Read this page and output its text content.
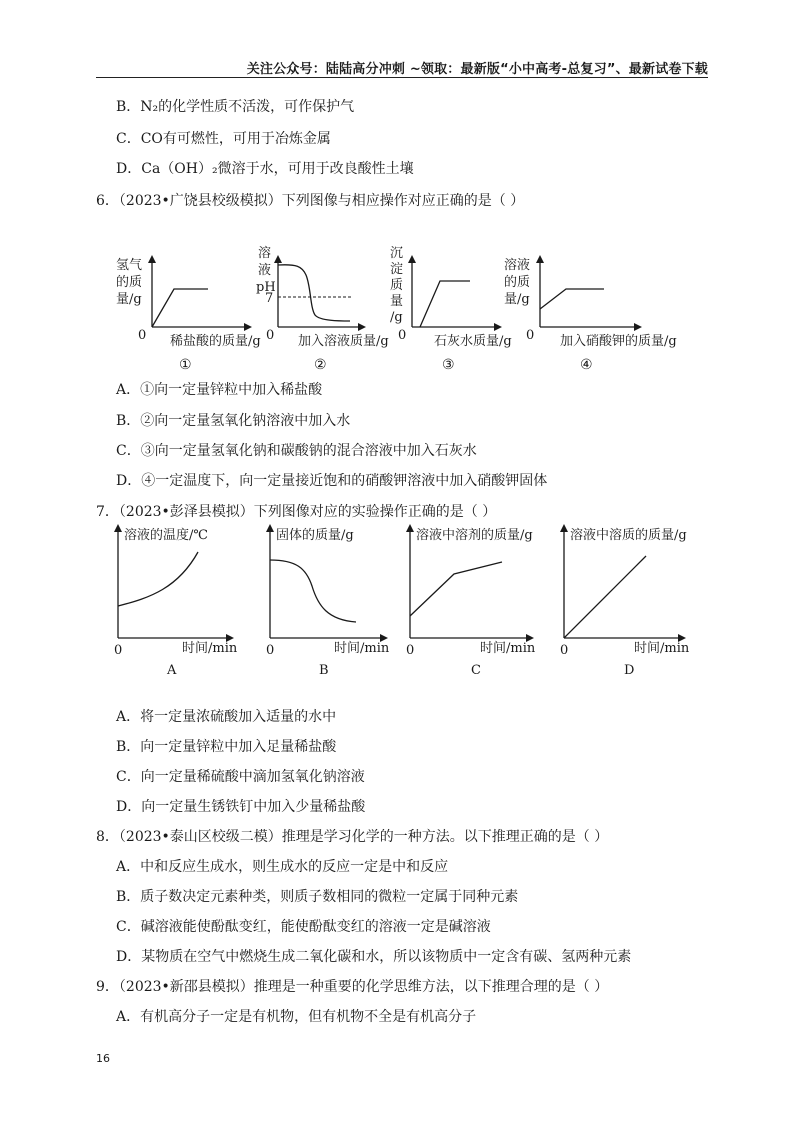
关注公众号：陆陆高分冲刺 ~领取：最新版“小中高考-总复习”、最新试卷下载
B．N₂的化学性质不活泼，可作保护气
C．CO有可燃性，可用于冶炼金属
D．Ca（OH）₂微溶于水，可用于改良酸性土壤
6．（2023•广饶县校级模拟）下列图像与相应操作对应正确的是（ ）
氢气
的质
量/g
0 稀盐酸的质量/g
①
溶
液
pH
7
0 加入溶液质量/g
②
沉
淀
质
量
/g
0 石灰水质量/g
③
溶液
的质
量/g
0 加入硝酸钾的质量/g
④
A．①向一定量锌粒中加入稀盐酸
B．②向一定量氢氧化钠溶液中加入水
C．③向一定量氢氧化钠和碳酸钠的混合溶液中加入石灰水
D．④一定温度下，向一定量接近饱和的硝酸钾溶液中加入硝酸钾固体
7．（2023•彭泽县模拟）下列图像对应的实验操作正确的是（ ）
溶液的温度/℃
0	时间/min
A
固体的质量/g
0	时间/min
B
溶液中溶剂的质量/g
0	时间/min
C
溶液中溶质的质量/g
0	时间/min
D
A．将一定量浓硫酸加入适量的水中
B．向一定量锌粒中加入足量稀盐酸
C．向一定量稀硫酸中滴加氢氧化钠溶液
D．向一定量生锈铁钉中加入少量稀盐酸
8．（2023•泰山区校级二模）推理是学习化学的一种方法。以下推理正确的是（ ）
A．中和反应生成水，则生成水的反应一定是中和反应
B．质子数决定元素种类，则质子数相同的微粒一定属于同种元素
C．碱溶液能使酚酞变红，能使酚酞变红的溶液一定是碱溶液
D．某物质在空气中燃烧生成二氧化碳和水，所以该物质中一定含有碳、氢两种元素
9．（2023•新邵县模拟）推理是一种重要的化学思维方法，以下推理合理的是（ ）
A．有机高分子一定是有机物，但有机物不全是有机高分子
16
